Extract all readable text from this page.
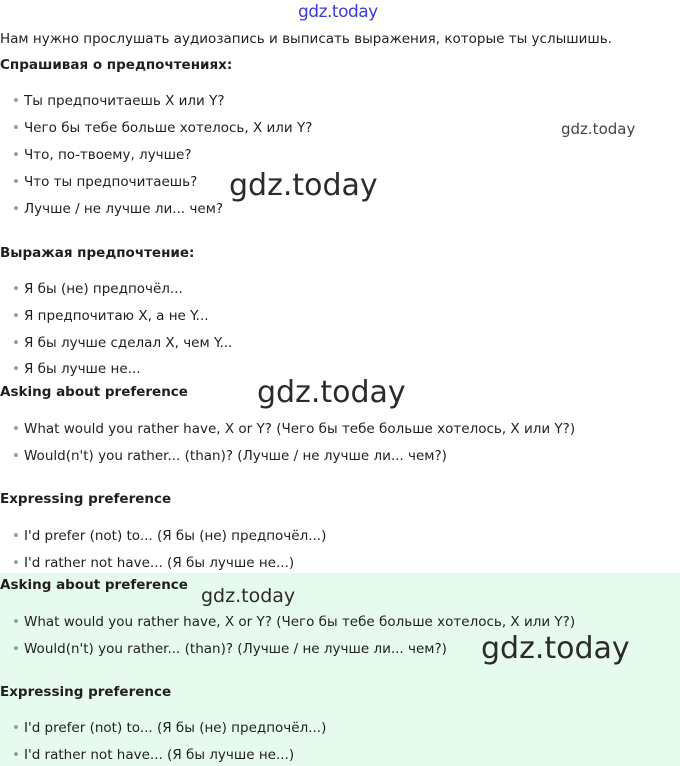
gdz.today
gdz.today
gdz.today
gdz.today
gdz.today
gdz.today
Нам нужно прослушать аудиозапись и выписать выражения, которые ты услышишь.
Спрашивая о предпочтениях:
• Ты предпочитаешь X или Y?
• Чего бы тебе больше хотелось, X или Y?
• Что, по-твоему, лучше?
• Что ты предпочитаешь?
• Лучше / не лучше ли... чем?
Выражая предпочтение:
• Я бы (не) предпочёл...
• Я предпочитаю X, а не Y...
• Я бы лучше сделал X, чем Y...
• Я бы лучше не...
Asking about preference
• What would you rather have, X or Y? (Чего бы тебе больше хотелось, X или Y?)
• Would(n't) you rather... (than)? (Лучше / не лучше ли... чем?)
Expressing preference
• I'd prefer (not) to... (Я бы (не) предпочёл...)
• I'd rather not have... (Я бы лучше не...)
Asking about preference
• What would you rather have, X or Y? (Чего бы тебе больше хотелось, X или Y?)
• Would(n't) you rather... (than)? (Лучше / не лучше ли... чем?)
Expressing preference
• I'd prefer (not) to... (Я бы (не) предпочёл...)
• I'd rather not have... (Я бы лучше не...)
